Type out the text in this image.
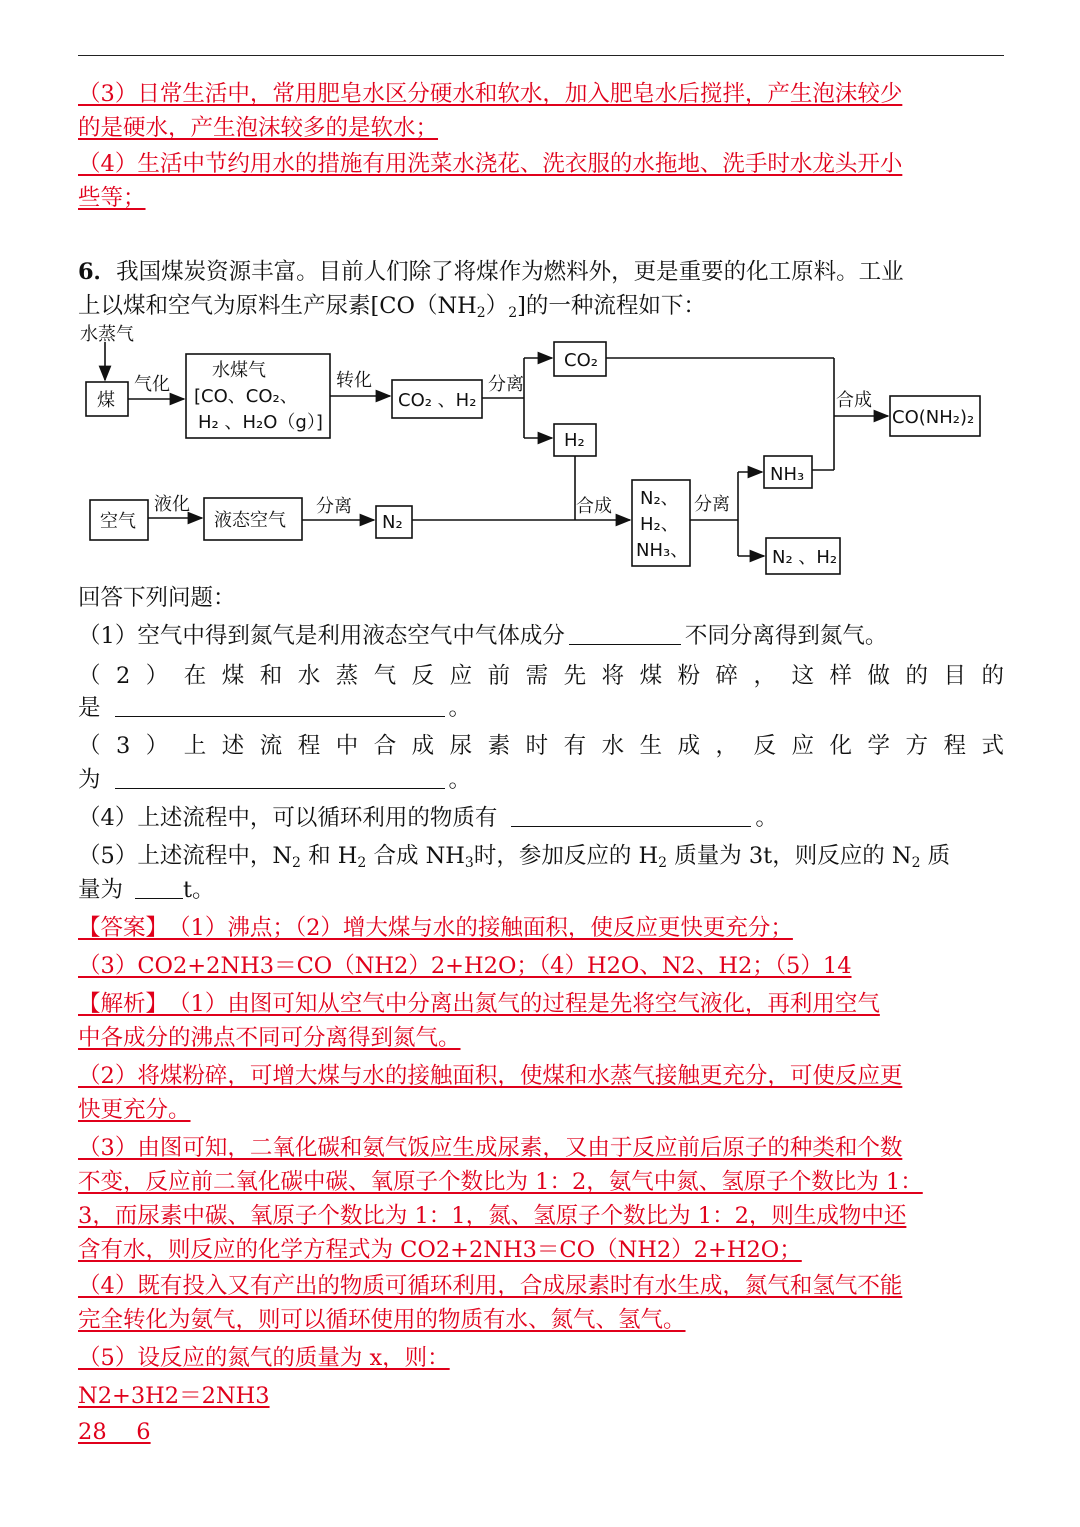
（3）日常生活中，常用肥皂水区分硬水和软水，加入肥皂水后搅拌，产生泡沫较少
的是硬水，产生泡沫较多的是软水；
（4）生活中节约用水的措施有用洗菜水浇花、洗衣服的水拖地、洗手时水龙头开小
些等；
6．我国煤炭资源丰富。目前人们除了将煤作为燃料外，更是重要的化工原料。工业
上以煤和空气为原料生产尿素$[CO(NH_2)_2]$的一种流程如下：
水蒸气
煤
气化
水煤气
[CO、CO₂、
H₂ 、H₂O（g）]
转化
CO₂ 、H₂
分离
CO₂
H₂
合成
CO(NH₂)₂
空气
液化
液态空气
分离
N₂
合成 N₂、
H₂、
NH₃、
分离
NH₃
N₂ 、H₂
回答下列问题：
（1）空气中得到氮气是利用液态空气中气体成分	不同分离得到氮气。
（ 2 ） 在 煤 和 水 蒸 气 反 应 前 需 先 将 煤 粉 碎 ， 这 样 做 的 目 的
是	。
（ 3 ） 上 述 流 程 中 合 成 尿 素 时 有 水 生 成 ， 反 应 化 学 方 程 式
为	。
（4）上述流程中，可以循环利用的物质有	。
（5）上述流程中，$N_2$ 和 $H_2$ 合成 $NH_3$时，参加反应的 $H_2$ 质量为 3t，则反应的 $N_2$ 质
量为	t。
【答案】　（1）沸点；（2）增大煤与水的接触面积，使反应更快更充分；
（3）CO2+2NH3＝CO（NH2）2+H2O；（4）H2O、N2、H2；（5）14
【解析】　（1）由图可知从空气中分离出氮气的过程是先将空气液化，再利用空气
中各成分的沸点不同可分离得到氮气。
（2）将煤粉碎，可增大煤与水的接触面积，使煤和水蒸气接触更充分，可使反应更
快更充分。
（3）由图可知，二氧化碳和氨气饭应生成尿素，又由于反应前后原子的种类和个数
不变，反应前二氧化碳中碳、氧原子个数比为 1：2，氨气中氮、氢原子个数比为 1：
3，而尿素中碳、氧原子个数比为 1：1，氮、氢原子个数比为 1：2，则生成物中还
含有水，则反应的化学方程式为 CO2+2NH3＝CO（NH2）2+H2O；
（4）既有投入又有产出的物质可循环利用，合成尿素时有水生成，氮气和氢气不能
完全转化为氨气，则可以循环使用的物质有水、氮气、氢气。
（5）设反应的氮气的质量为 x，则：
N2+3H2＝2NH3
28　 6
